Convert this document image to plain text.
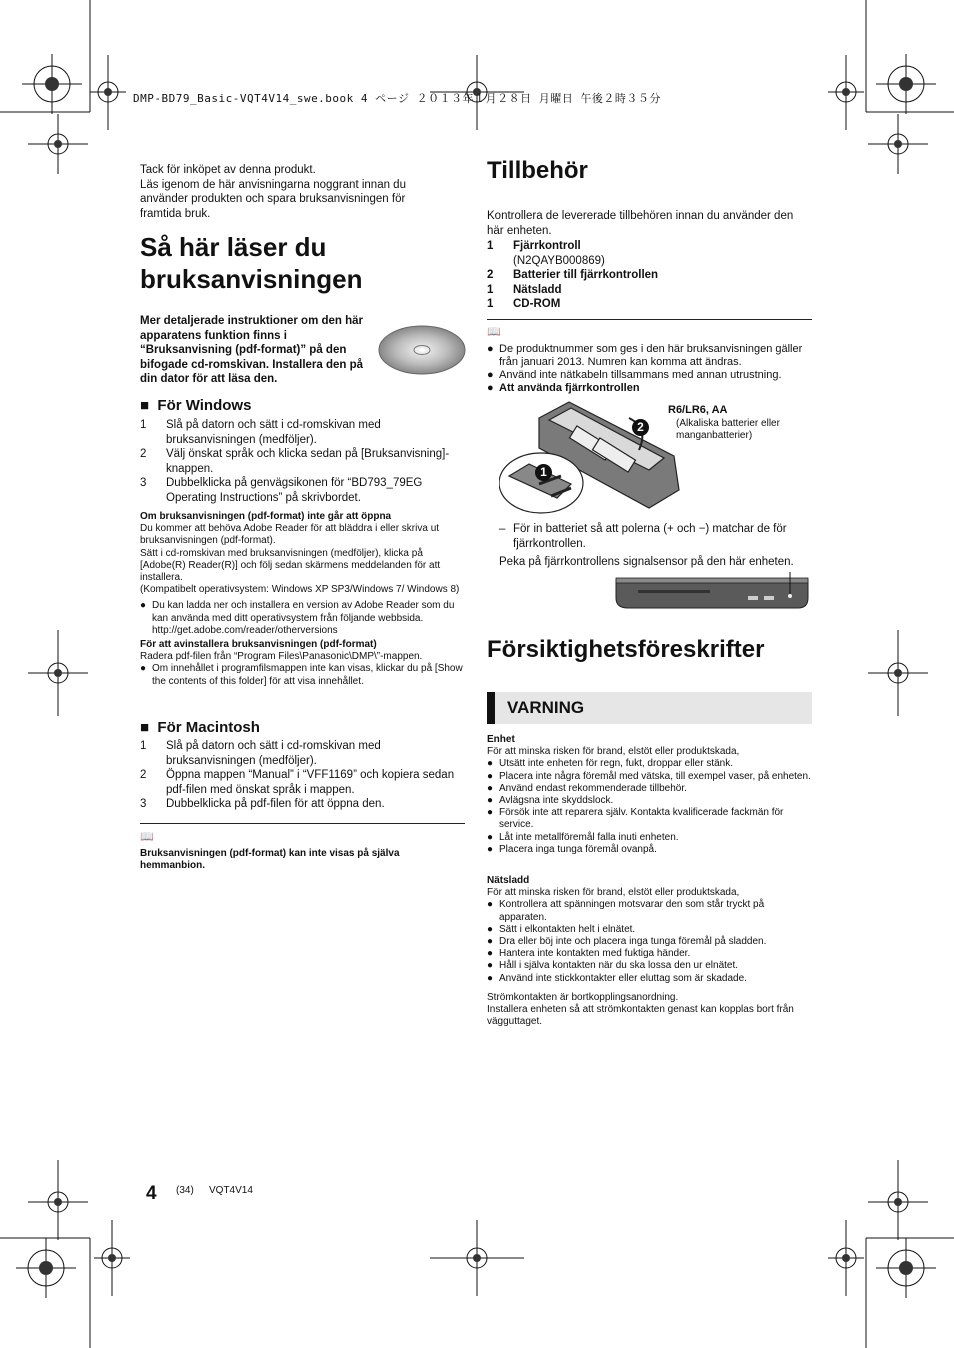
DMP-BD79_Basic-VQT4V14_swe.book 4 ページ ２０１３年１月２８日 月曜日 午後２時３５分
Tack för inköpet av denna produkt.
Läs igenom de här anvisningarna noggrant innan du använder produkten och spara bruksanvisningen för framtida bruk.
Så här läser du
bruksanvisningen
Mer detaljerade instruktioner om den här apparatens funktion finns i “Bruksanvisning (pdf-format)” på den bifogade cd-romskivan. Installera den på din dator för att läsa den.
■ För Windows
1	Slå på datorn och sätt i cd-romskivan med bruksanvisningen (medföljer).
2	Välj önskat språk och klicka sedan på [Bruksanvisning]-knappen.
3	Dubbelklicka på genvägsikonen för “BD793_79EG Operating Instructions” på skrivbordet.
Om bruksanvisningen (pdf-format) inte går att öppna
Du kommer att behöva Adobe Reader för att bläddra i eller skriva ut bruksanvisningen (pdf-format).
Sätt i cd-romskivan med bruksanvisningen (medföljer), klicka på [Adobe(R) Reader(R)] och följ sedan skärmens meddelanden för att installera.
(Kompatibelt operativsystem: Windows XP SP3/Windows 7/ Windows 8)
● Du kan ladda ner och installera en version av Adobe Reader som du kan använda med ditt operativsystem från följande webbsida.
http://get.adobe.com/reader/otherversions
För att avinstallera bruksanvisningen (pdf-format)
Radera pdf-filen från “Program Files\Panasonic\DMP\”-mappen.
● Om innehållet i programfilsmappen inte kan visas, klickar du på [Show the contents of this folder] för att visa innehållet.
■ För Macintosh
1	Slå på datorn och sätt i cd-romskivan med bruksanvisningen (medföljer).
2	Öppna mappen “Manual” i “VFF1169” och kopiera sedan pdf-filen med önskat språk i mappen.
3	Dubbelklicka på pdf-filen för att öppna den.
📖
Bruksanvisningen (pdf-format) kan inte visas på själva hemmanbion.
Tillbehör
Kontrollera de levererade tillbehören innan du använder den här enheten.
1	Fjärrkontroll
(N2QAYB000869)
2	Batterier till fjärrkontrollen
1	Nätsladd
1	CD-ROM
📖
● De produktnummer som ges i den här bruksanvisningen gäller från januari 2013. Numren kan komma att ändras.
● Använd inte nätkabeln tillsammans med annan utrustning.
● Att använda fjärrkontrollen
2
1
R6/LR6, AA
(Alkaliska batterier eller manganbatterier)
– För in batteriet så att polerna (+ och −) matchar de för fjärrkontrollen.
Peka på fjärrkontrollens signalsensor på den här enheten.
Försiktighetsföreskrifter
VARNING
Enhet
För att minska risken för brand, elstöt eller produktskada,
● Utsätt inte enheten för regn, fukt, droppar eller stänk.
● Placera inte några föremål med vätska, till exempel vaser, på enheten.
● Använd endast rekommenderade tillbehör.
● Avlägsna inte skyddslock.
● Försök inte att reparera själv. Kontakta kvalificerade fackmän för service.
● Låt inte metallföremål falla inuti enheten.
● Placera inga tunga föremål ovanpå.
Nätsladd
För att minska risken för brand, elstöt eller produktskada,
● Kontrollera att spänningen motsvarar den som står tryckt på apparaten.
● Sätt i elkontakten helt i elnätet.
● Dra eller böj inte och placera inga tunga föremål på sladden.
● Hantera inte kontakten med fuktiga händer.
● Håll i själva kontakten när du ska lossa den ur elnätet.
● Använd inte stickkontakter eller eluttag som är skadade.
Strömkontakten är bortkopplingsanordning.
Installera enheten så att strömkontakten genast kan kopplas bort från vägguttaget.
4 (34) VQT4V14
